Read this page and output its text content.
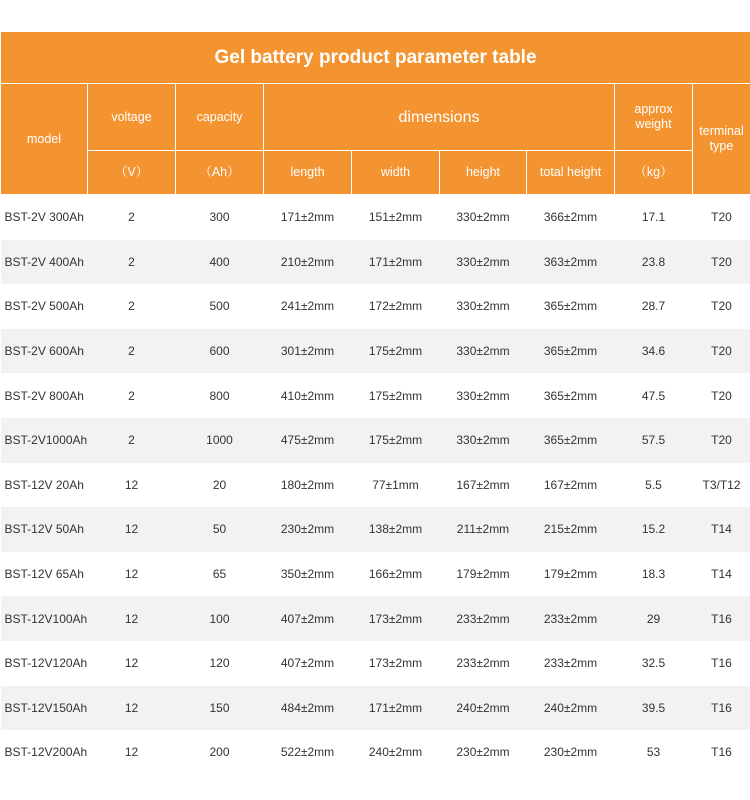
Gel battery product parameter table								
model	voltage	capacity	dimensions				approx weight	terminal type
	（V）	（Ah）	length	width	height	total height	（kg）	
BST-2V 300Ah	2	300	171±2mm	151±2mm	330±2mm	366±2mm	17.1	T20
BST-2V 400Ah	2	400	210±2mm	171±2mm	330±2mm	363±2mm	23.8	T20
BST-2V 500Ah	2	500	241±2mm	172±2mm	330±2mm	365±2mm	28.7	T20
BST-2V 600Ah	2	600	301±2mm	175±2mm	330±2mm	365±2mm	34.6	T20
BST-2V 800Ah	2	800	410±2mm	175±2mm	330±2mm	365±2mm	47.5	T20
BST-2V1000Ah	2	1000	475±2mm	175±2mm	330±2mm	365±2mm	57.5	T20
BST-12V 20Ah	12	20	180±2mm	77±1mm	167±2mm	167±2mm	5.5	T3/T12
BST-12V 50Ah	12	50	230±2mm	138±2mm	211±2mm	215±2mm	15.2	T14
BST-12V 65Ah	12	65	350±2mm	166±2mm	179±2mm	179±2mm	18.3	T14
BST-12V100Ah	12	100	407±2mm	173±2mm	233±2mm	233±2mm	29	T16
BST-12V120Ah	12	120	407±2mm	173±2mm	233±2mm	233±2mm	32.5	T16
BST-12V150Ah	12	150	484±2mm	171±2mm	240±2mm	240±2mm	39.5	T16
BST-12V200Ah	12	200	522±2mm	240±2mm	230±2mm	230±2mm	53	T16
